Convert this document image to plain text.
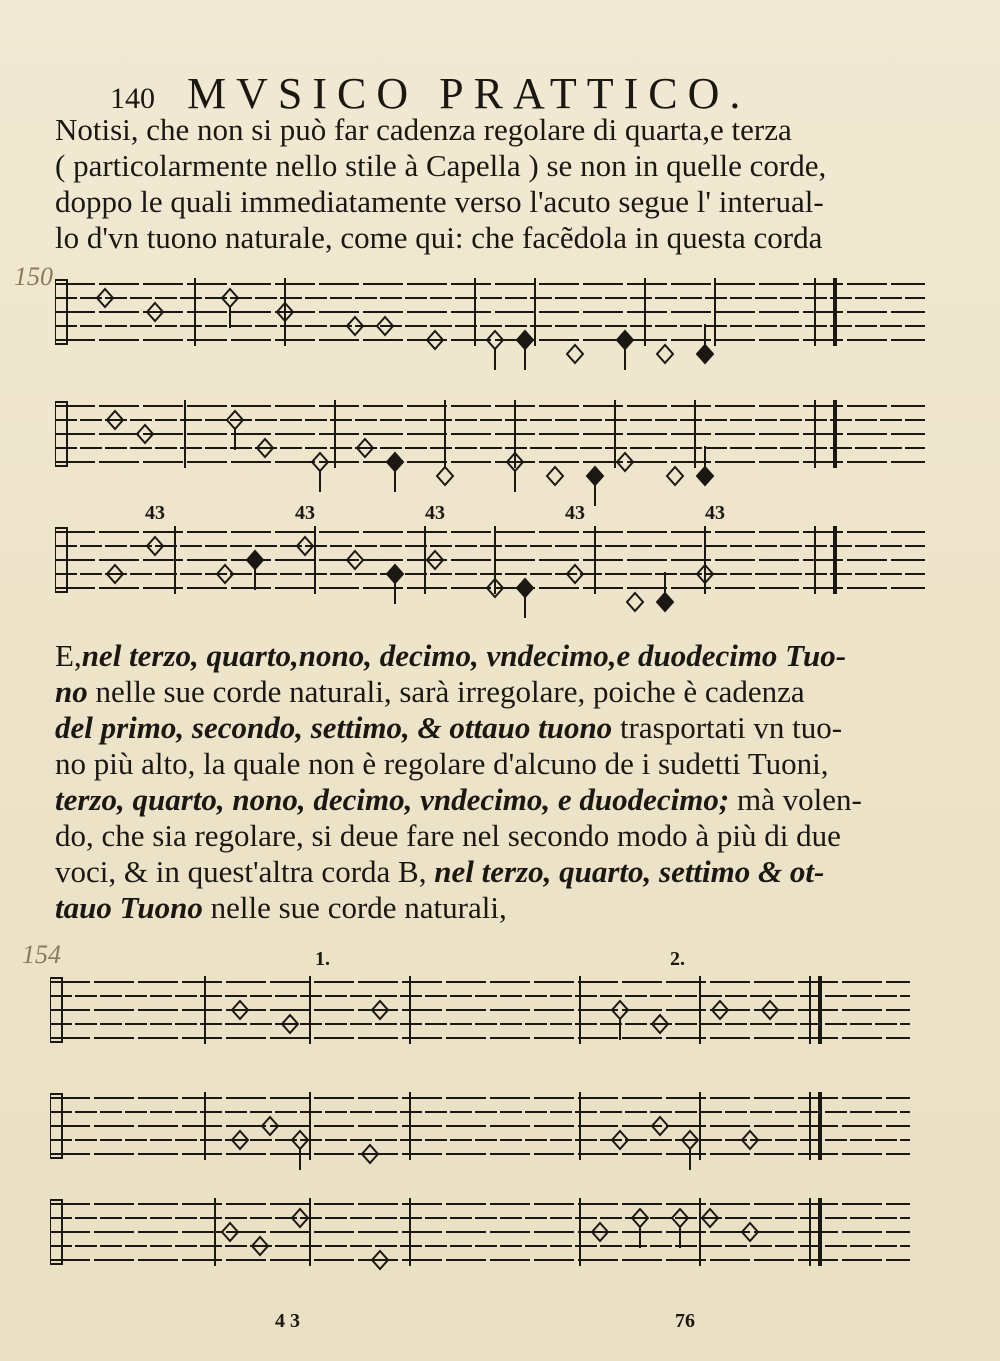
140 MVSICO PRATTICO.

Notisi, che non si può far cadenza regolare di quarta,e terza

( particolarmente nello stile à Capella ) se non in quelle corde,

doppo le quali immediatamente verso l'acuto segue l' interual-

lo d'vn tuono naturale, come qui: che facẽdola in questa corda

150
43	43	43	43	43

E,nel terzo, quarto,nono, decimo, vndecimo,e duodecimo Tuo-

no nelle sue corde naturali, sarà irregolare, poiche è cadenza

del primo, secondo, settimo, & ottauo tuono trasportati vn tuo-

no più alto, la quale non è regolare d'alcuno de i sudetti Tuoni,

terzo, quarto, nono, decimo, vndecimo, e duodecimo; mà volen-

do, che sia regolare, si deue fare nel secondo modo à più di due

voci, & in quest'altra corda B, nel terzo, quarto, settimo & ot-

tauo Tuono nelle sue corde naturali,

154	1.	2.
4 3	76
